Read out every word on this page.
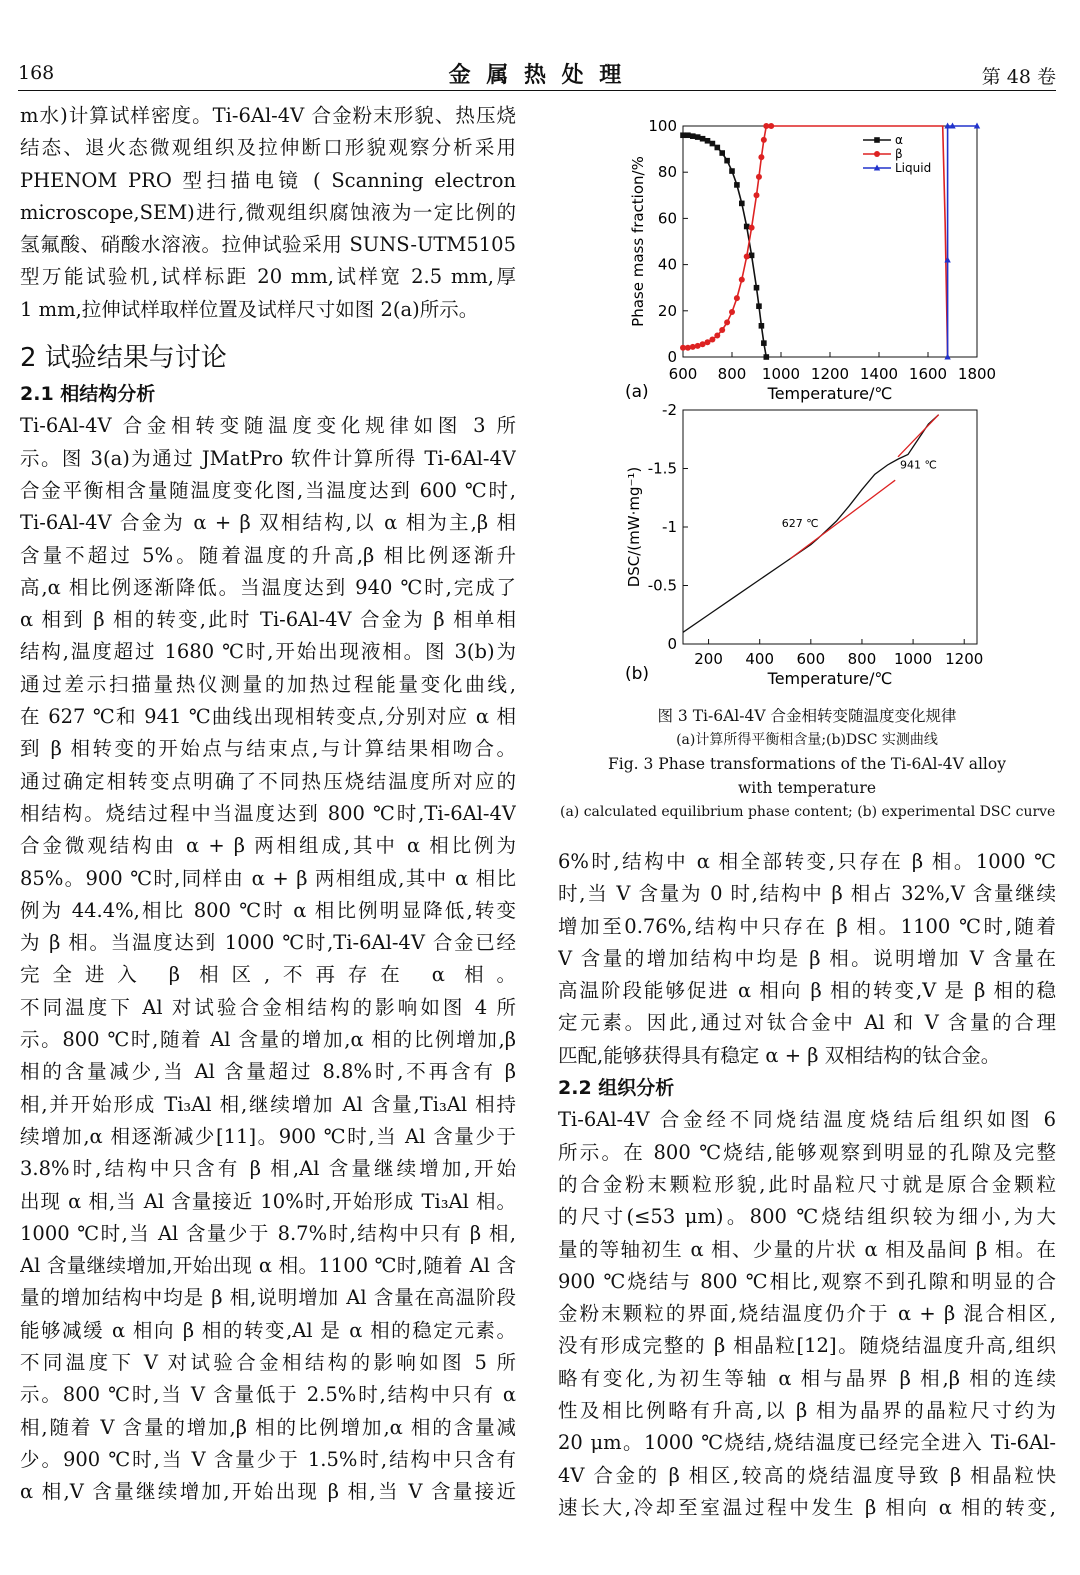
168	金 属 热 处 理	第 48 卷
m水)计算试样密度。Ti-6Al-4V 合金粉末形貌、热压烧
结态、退火态微观组织及拉伸断口形貌观察分析采用
PHENOM PRO 型扫描电镜 ( Scanning electron
microscope,SEM)进行,微观组织腐蚀液为一定比例的
氢氟酸、硝酸水溶液。拉伸试验采用 SUNS-UTM5105
型万能试验机,试样标距 20 mm,试样宽 2.5 mm,厚
1 mm,拉伸试样取样位置及试样尺寸如图 2(a)所示。
2 试验结果与讨论
2.1 相结构分析
Ti-6Al-4V 合金相转变随温度变化规律如图 3 所
示。图 3(a)为通过 JMatPro 软件计算所得 Ti-6Al-4V
合金平衡相含量随温度变化图,当温度达到 600 ℃时,
Ti-6Al-4V 合金为 α + β 双相结构,以 α 相为主,β 相
含量不超过 5%。随着温度的升高,β 相比例逐渐升
高,α 相比例逐渐降低。当温度达到 940 ℃时,完成了
α 相到 β 相的转变,此时 Ti-6Al-4V 合金为 β 相单相
结构,温度超过 1680 ℃时,开始出现液相。图 3(b)为
通过差示扫描量热仪测量的加热过程能量变化曲线,
在 627 ℃和 941 ℃曲线出现相转变点,分别对应 α 相
到 β 相转变的开始点与结束点,与计算结果相吻合。
通过确定相转变点明确了不同热压烧结温度所对应的
相结构。烧结过程中当温度达到 800 ℃时,Ti-6Al-4V
合金微观结构由 α + β 两相组成,其中 α 相比例为
85%。900 ℃时,同样由 α + β 两相组成,其中 α 相比
例为 44.4%,相比 800 ℃时 α 相比例明显降低,转变
为 β 相。当温度达到 1000 ℃时,Ti-6Al-4V 合金已经
完全进入 β 相区,不再存在 α 相。
不同温度下 Al 对试验合金相结构的影响如图 4 所
示。800 ℃时,随着 Al 含量的增加,α 相的比例增加,β
相的含量减少,当 Al 含量超过 8.8%时,不再含有 β
相,并开始形成 Ti₃Al 相,继续增加 Al 含量,Ti₃Al 相持
续增加,α 相逐渐减少[11]。900 ℃时,当 Al 含量少于
3.8%时,结构中只含有 β 相,Al 含量继续增加,开始
出现 α 相,当 Al 含量接近 10%时,开始形成 Ti₃Al 相。
1000 ℃时,当 Al 含量少于 8.7%时,结构中只有 β 相,
Al 含量继续增加,开始出现 α 相。1100 ℃时,随着 Al 含
量的增加结构中均是 β 相,说明增加 Al 含量在高温阶段
能够减缓 α 相向 β 相的转变,Al 是 α 相的稳定元素。
不同温度下 V 对试验合金相结构的影响如图 5 所
示。800 ℃时,当 V 含量低于 2.5%时,结构中只有 α
相,随着 V 含量的增加,β 相的比例增加,α 相的含量减
少。900 ℃时,当 V 含量少于 1.5%时,结构中只含有
α 相,V 含量继续增加,开始出现 β 相,当 V 含量接近
600 800 1000 1200 1400 1600 1800
0
20
40
60
80
100
Temperature/℃
Phase mass fraction/%
(a)
α
β
Liquid
200 400 600 800 1000 1200
0
-0.5
-1
-1.5
-2
Temperature/℃
DSC/(mW·mg⁻¹)
(b)
627 ℃
941 ℃
图 3 Ti-6Al-4V 合金相转变随温度变化规律
(a)计算所得平衡相含量;(b)DSC 实测曲线
Fig. 3 Phase transformations of the Ti-6Al-4V alloy
with temperature
(a) calculated equilibrium phase content; (b) experimental DSC curve
6%时,结构中 α 相全部转变,只存在 β 相。1000 ℃
时,当 V 含量为 0 时,结构中 β 相占 32%,V 含量继续
增加至0.76%,结构中只存在 β 相。1100 ℃时,随着
V 含量的增加结构中均是 β 相。说明增加 V 含量在
高温阶段能够促进 α 相向 β 相的转变,V 是 β 相的稳
定元素。因此,通过对钛合金中 Al 和 V 含量的合理
匹配,能够获得具有稳定 α + β 双相结构的钛合金。
2.2 组织分析
Ti-6Al-4V 合金经不同烧结温度烧结后组织如图 6
所示。在 800 ℃烧结,能够观察到明显的孔隙及完整
的合金粉末颗粒形貌,此时晶粒尺寸就是原合金颗粒
的尺寸(≤53 μm)。800 ℃烧结组织较为细小,为大
量的等轴初生 α 相、少量的片状 α 相及晶间 β 相。在
900 ℃烧结与 800 ℃相比,观察不到孔隙和明显的合
金粉末颗粒的界面,烧结温度仍介于 α + β 混合相区,
没有形成完整的 β 相晶粒[12]。随烧结温度升高,组织
略有变化,为初生等轴 α 相与晶界 β 相,β 相的连续
性及相比例略有升高,以 β 相为晶界的晶粒尺寸约为
20 μm。1000 ℃烧结,烧结温度已经完全进入 Ti-6Al-
4V 合金的 β 相区,较高的烧结温度导致 β 相晶粒快
速长大,冷却至室温过程中发生 β 相向 α 相的转变,
